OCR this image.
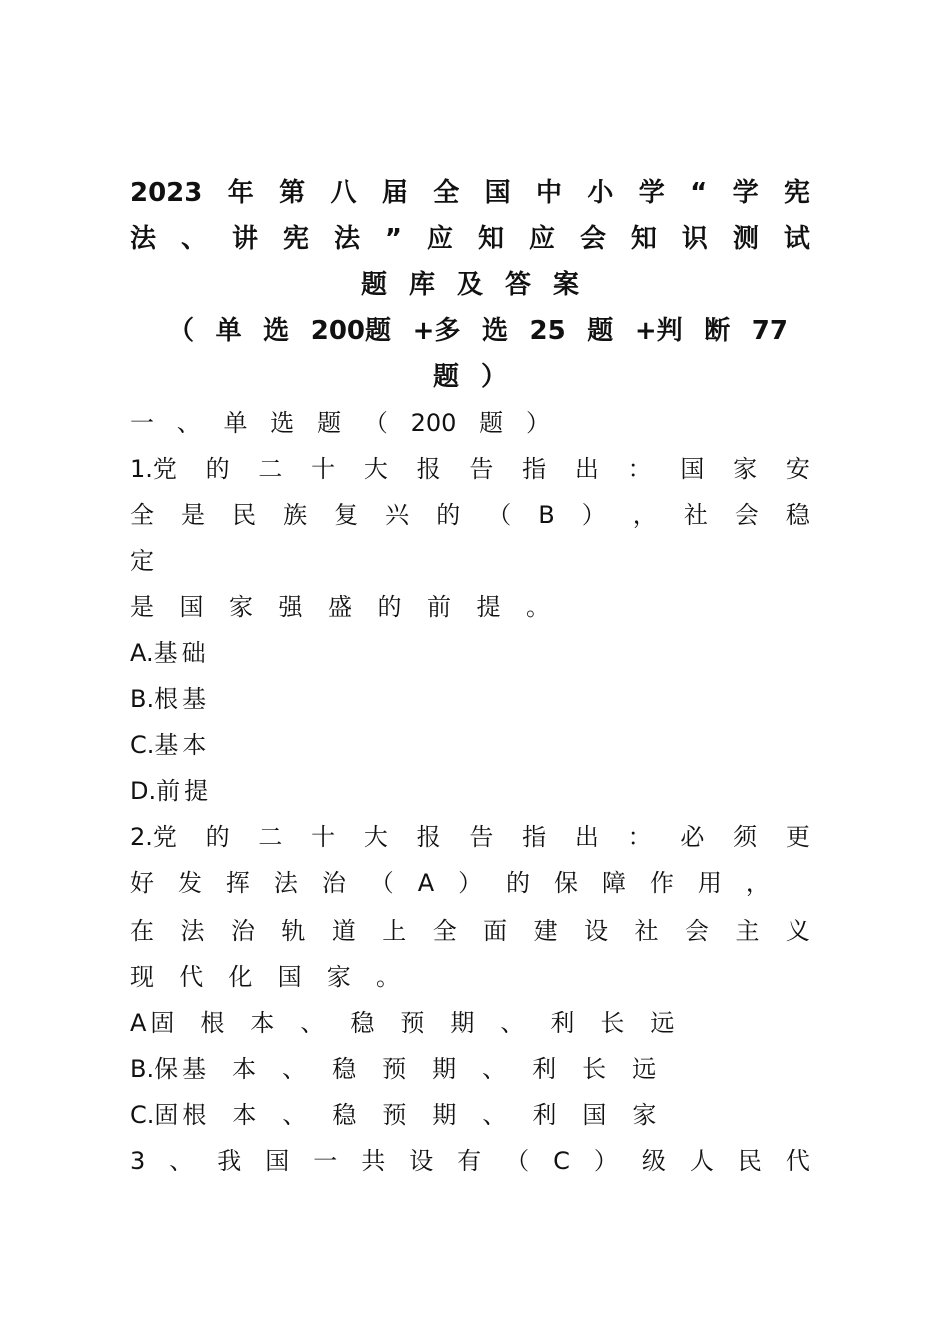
2023 年 第 八 届 全 国 中 小 学 “ 学 宪
法 、 讲 宪 法 ” 应 知 应 会 知 识 测 试
题 库 及 答 案
（ 单 选 200题 +多 选 25 题 +判 断 77
题 ）
一 、 单 选 题 （ 200 题 ）
1.党 的 二 十 大 报 告 指 出 ： 国 家 安
全 是 民 族 复 兴 的 （ B ） ， 社 会 稳
定
是 国 家 强 盛 的 前 提 。
A.基 础
B.根 基
C.基 本
D.前 提
2.党 的 二 十 大 报 告 指 出 ： 必 须 更
好 发 挥 法 治 （ A ） 的 保 障 作 用 ，
在 法 治 轨 道 上 全 面 建 设 社 会 主 义
现 代 化 国 家 。
A 固 根 本 、 稳 预 期 、 利 长 远
B.保 基 本 、 稳 预 期 、 利 长 远
C.固 根 本 、 稳 预 期 、 利 国 家
3 、 我 国 一 共 设 有 （ C ） 级 人 民 代
